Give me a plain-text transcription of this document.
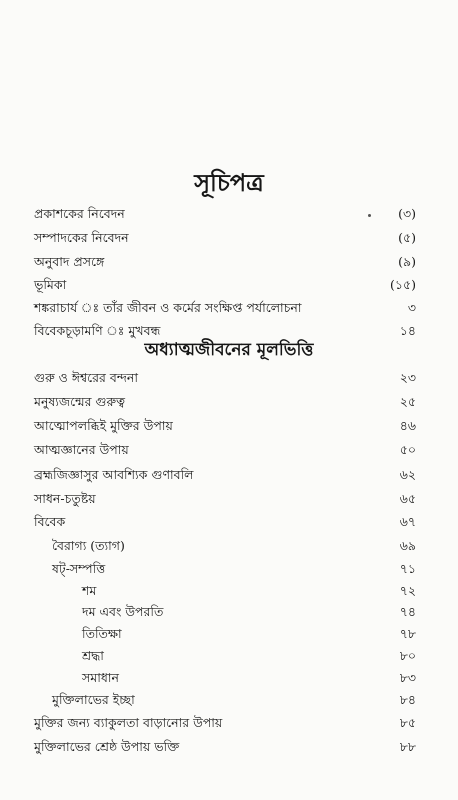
সূচিপত্র
অধ্যাত্মজীবনের মূলভিত্তি
প্রকাশকের নিবেদন	(৩)
সম্পাদকের নিবেদন	(৫)
অনুবাদ প্রসঙ্গে	(৯)
ভূমিকা	(১৫)
শঙ্করাচার্য ঃ তাঁর জীবন ও কর্মের সংক্ষিপ্ত পর্যালোচনা	৩
বিবেকচূড়ামণি ঃ মুখবন্ধ	১৪
গুরু ও ঈশ্বরের বন্দনা	২৩
মনুষ্যজন্মের গুরুত্ব	২৫
আত্মোপলব্ধিই মুক্তির উপায়	৪৬
আত্মজ্ঞানের উপায়	৫০
ব্রহ্মজিজ্ঞাসুর আবশ্যিক গুণাবলি	৬২
সাধন-চতুষ্টয়	৬৫
বিবেক	৬৭
বৈরাগ্য (ত্যাগ)	৬৯
ষট্-সম্পত্তি	৭১
শম	৭২
দম এবং উপরতি	৭৪
তিতিক্ষা	৭৮
শ্রদ্ধা	৮০
সমাধান	৮৩
মুক্তিলাভের ইচ্ছা	৮৪
মুক্তির জন্য ব্যাকুলতা বাড়ানোর উপায়	৮৫
মুক্তিলাভের শ্রেষ্ঠ উপায় ভক্তি	৮৮
